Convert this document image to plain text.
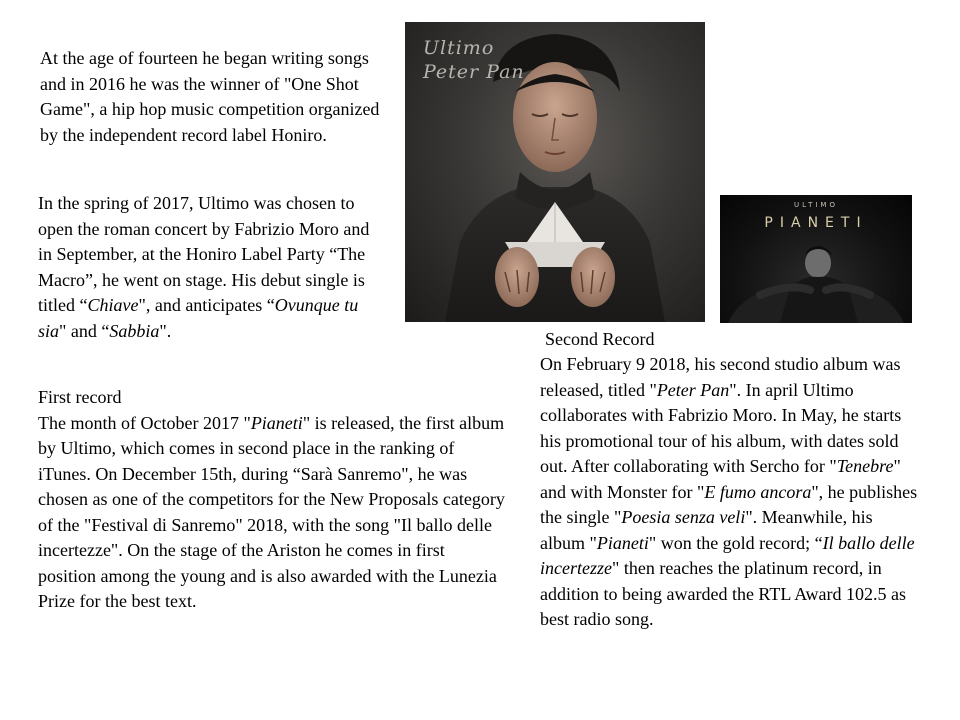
At the age of fourteen he began writing songs and in 2016 he was the winner of "One Shot Game", a hip hop music competition organized by the independent record label Honiro.

In the spring of 2017, Ultimo was chosen to open the roman concert by Fabrizio Moro and in September, at the Honiro Label Party “The Macro”, he went on stage. His debut single is titled “Chiave", and anticipates “Ovunque tu sia" and “Sabbia".

First record

The month of October 2017 "Pianeti" is released, the first album by Ultimo, which comes in second place in the ranking of iTunes. On December 15th, during “Sarà Sanremo", he was chosen as one of the competitors for the New Proposals category of the "Festival di Sanremo" 2018, with the song "Il ballo delle incertezze". On the stage of the Ariston he comes in first position among the young and is also awarded with the Lunezia Prize for the best text.

Ultimo
Peter Pan
ULTIMO
PIANETI
Second Record

On February 9 2018, his second studio album was released, titled "Peter Pan". In april Ultimo collaborates with Fabrizio Moro. In May, he starts his promotional tour of his album, with dates sold out. After collaborating with Sercho for "Tenebre" and with Monster for "E fumo ancora", he publishes the single "Poesia senza veli". Meanwhile, his album "Pianeti" won the gold record; “Il ballo delle incertezze" then reaches the platinum record, in addition to being awarded the RTL Award 102.5 as best radio song.
